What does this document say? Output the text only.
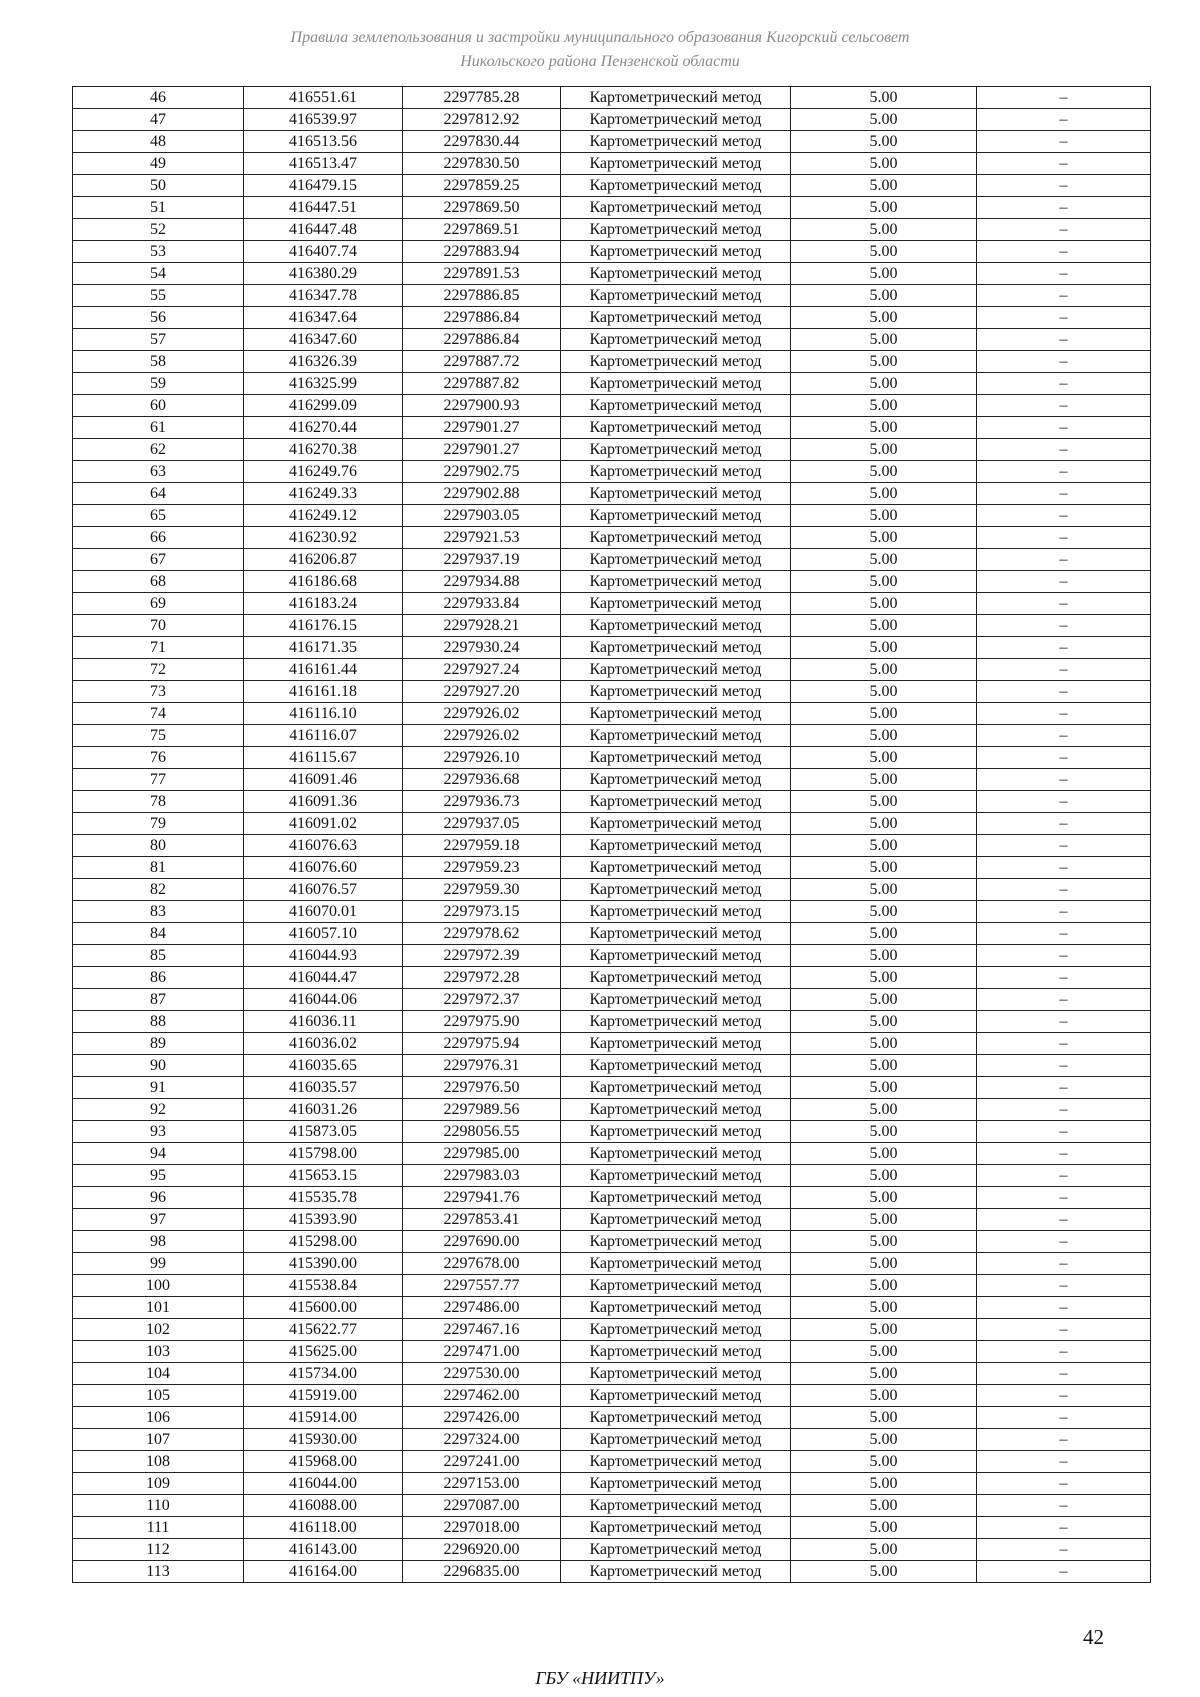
Правила землепользования и застройки муниципального образования Кигорский сельсовет
Никольского района Пензенской области
46	416551.61	2297785.28	Картометрический метод	5.00	–
47	416539.97	2297812.92	Картометрический метод	5.00	–
48	416513.56	2297830.44	Картометрический метод	5.00	–
49	416513.47	2297830.50	Картометрический метод	5.00	–
50	416479.15	2297859.25	Картометрический метод	5.00	–
51	416447.51	2297869.50	Картометрический метод	5.00	–
52	416447.48	2297869.51	Картометрический метод	5.00	–
53	416407.74	2297883.94	Картометрический метод	5.00	–
54	416380.29	2297891.53	Картометрический метод	5.00	–
55	416347.78	2297886.85	Картометрический метод	5.00	–
56	416347.64	2297886.84	Картометрический метод	5.00	–
57	416347.60	2297886.84	Картометрический метод	5.00	–
58	416326.39	2297887.72	Картометрический метод	5.00	–
59	416325.99	2297887.82	Картометрический метод	5.00	–
60	416299.09	2297900.93	Картометрический метод	5.00	–
61	416270.44	2297901.27	Картометрический метод	5.00	–
62	416270.38	2297901.27	Картометрический метод	5.00	–
63	416249.76	2297902.75	Картометрический метод	5.00	–
64	416249.33	2297902.88	Картометрический метод	5.00	–
65	416249.12	2297903.05	Картометрический метод	5.00	–
66	416230.92	2297921.53	Картометрический метод	5.00	–
67	416206.87	2297937.19	Картометрический метод	5.00	–
68	416186.68	2297934.88	Картометрический метод	5.00	–
69	416183.24	2297933.84	Картометрический метод	5.00	–
70	416176.15	2297928.21	Картометрический метод	5.00	–
71	416171.35	2297930.24	Картометрический метод	5.00	–
72	416161.44	2297927.24	Картометрический метод	5.00	–
73	416161.18	2297927.20	Картометрический метод	5.00	–
74	416116.10	2297926.02	Картометрический метод	5.00	–
75	416116.07	2297926.02	Картометрический метод	5.00	–
76	416115.67	2297926.10	Картометрический метод	5.00	–
77	416091.46	2297936.68	Картометрический метод	5.00	–
78	416091.36	2297936.73	Картометрический метод	5.00	–
79	416091.02	2297937.05	Картометрический метод	5.00	–
80	416076.63	2297959.18	Картометрический метод	5.00	–
81	416076.60	2297959.23	Картометрический метод	5.00	–
82	416076.57	2297959.30	Картометрический метод	5.00	–
83	416070.01	2297973.15	Картометрический метод	5.00	–
84	416057.10	2297978.62	Картометрический метод	5.00	–
85	416044.93	2297972.39	Картометрический метод	5.00	–
86	416044.47	2297972.28	Картометрический метод	5.00	–
87	416044.06	2297972.37	Картометрический метод	5.00	–
88	416036.11	2297975.90	Картометрический метод	5.00	–
89	416036.02	2297975.94	Картометрический метод	5.00	–
90	416035.65	2297976.31	Картометрический метод	5.00	–
91	416035.57	2297976.50	Картометрический метод	5.00	–
92	416031.26	2297989.56	Картометрический метод	5.00	–
93	415873.05	2298056.55	Картометрический метод	5.00	–
94	415798.00	2297985.00	Картометрический метод	5.00	–
95	415653.15	2297983.03	Картометрический метод	5.00	–
96	415535.78	2297941.76	Картометрический метод	5.00	–
97	415393.90	2297853.41	Картометрический метод	5.00	–
98	415298.00	2297690.00	Картометрический метод	5.00	–
99	415390.00	2297678.00	Картометрический метод	5.00	–
100	415538.84	2297557.77	Картометрический метод	5.00	–
101	415600.00	2297486.00	Картометрический метод	5.00	–
102	415622.77	2297467.16	Картометрический метод	5.00	–
103	415625.00	2297471.00	Картометрический метод	5.00	–
104	415734.00	2297530.00	Картометрический метод	5.00	–
105	415919.00	2297462.00	Картометрический метод	5.00	–
106	415914.00	2297426.00	Картометрический метод	5.00	–
107	415930.00	2297324.00	Картометрический метод	5.00	–
108	415968.00	2297241.00	Картометрический метод	5.00	–
109	416044.00	2297153.00	Картометрический метод	5.00	–
110	416088.00	2297087.00	Картометрический метод	5.00	–
111	416118.00	2297018.00	Картометрический метод	5.00	–
112	416143.00	2296920.00	Картометрический метод	5.00	–
113	416164.00	2296835.00	Картометрический метод	5.00	–
42
ГБУ «НИИТПУ»
